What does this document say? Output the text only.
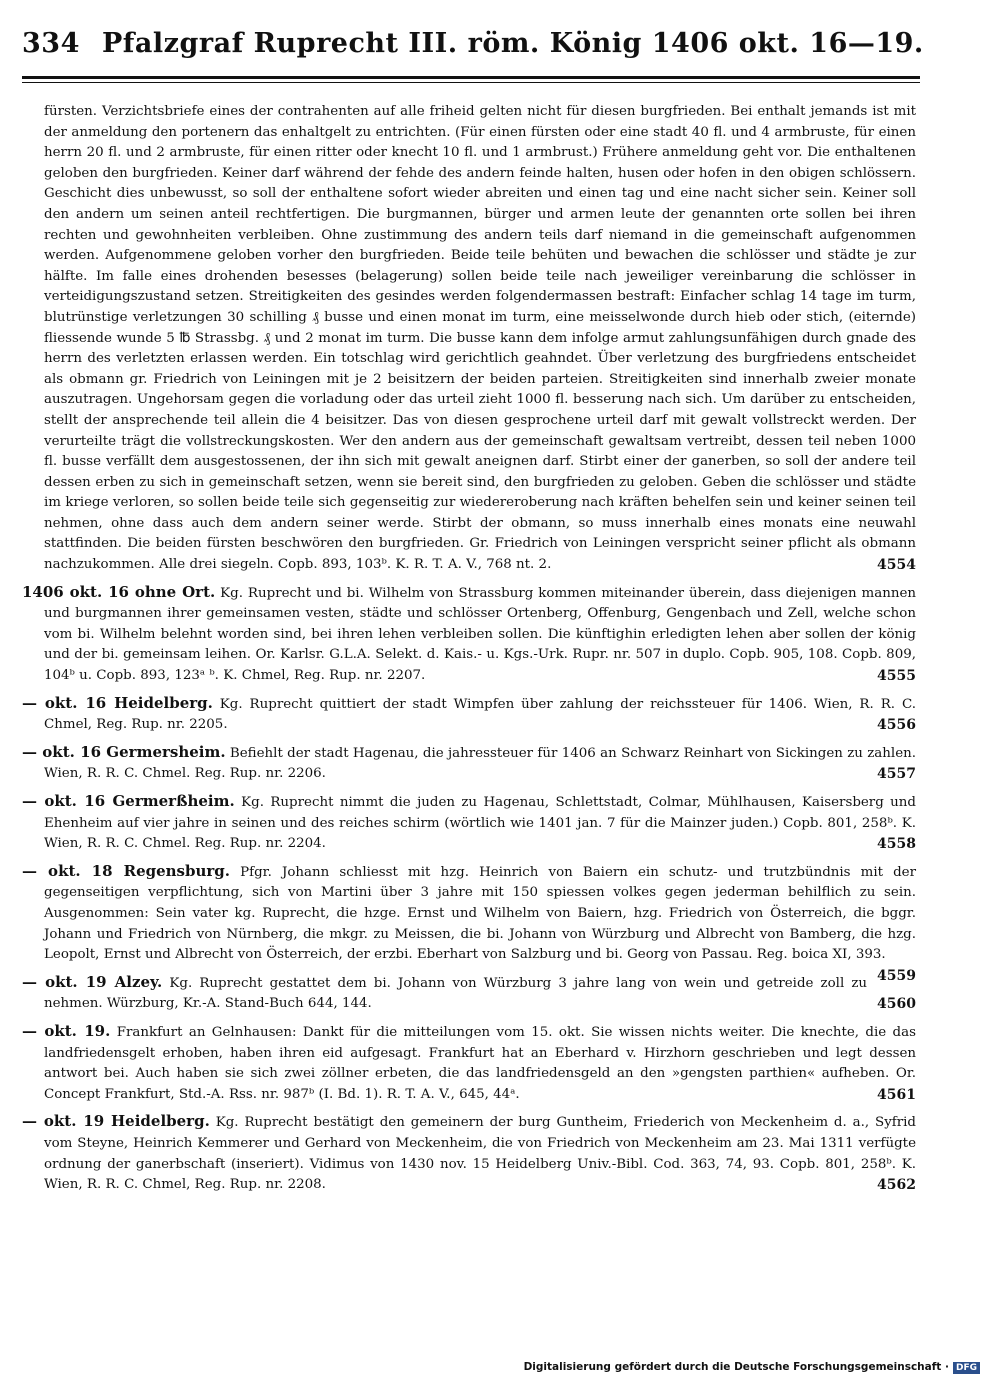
334 Pfalzgraf Ruprecht III. röm. König 1406 okt. 16—19.

fürsten. Verzichtsbriefe eines der contrahenten auf alle friheid gelten nicht für diesen burgfrieden. Bei enthalt jemands ist mit der anmeldung den portenern das enhaltgelt zu entrichten. (Für einen fürsten oder eine stadt 40 fl. und 4 armbruste, für einen herrn 20 fl. und 2 armbruste, für einen ritter oder knecht 10 fl. und 1 armbrust.) Frühere anmeldung geht vor. Die enthaltenen geloben den burgfrieden. Keiner darf während der fehde des andern feinde halten, husen oder hofen in den obigen schlössern. Geschicht dies unbewusst, so soll der enthaltene sofort wieder abreiten und einen tag und eine nacht sicher sein. Keiner soll den andern um seinen anteil rechtfertigen. Die burgmannen, bürger und armen leute der genannten orte sollen bei ihren rechten und gewohnheiten verbleiben. Ohne zustimmung des andern teils darf niemand in die gemeinschaft aufgenommen werden. Aufgenommene geloben vorher den burgfrieden. Beide teile behüten und bewachen die schlösser und städte je zur hälfte. Im falle eines drohenden besesses (belagerung) sollen beide teile nach jeweiliger vereinbarung die schlösser in verteidigungszustand setzen. Streitigkeiten des gesindes werden folgendermassen bestraft: Einfacher schlag 14 tage im turm, blutrünstige verletzungen 30 schilling ₰ busse und einen monat im turm, eine meisselwonde durch hieb oder stich, (eiternde) fliessende wunde 5 ℔ Strassbg. ₰ und 2 monat im turm. Die busse kann dem infolge armut zahlungsunfähigen durch gnade des herrn des verletzten erlassen werden. Ein totschlag wird gerichtlich geahndet. Über verletzung des burgfriedens entscheidet als obmann gr. Friedrich von Leiningen mit je 2 beisitzern der beiden parteien. Streitigkeiten sind innerhalb zweier monate auszutragen. Ungehorsam gegen die vorladung oder das urteil zieht 1000 fl. besserung nach sich. Um darüber zu entscheiden, stellt der ansprechende teil allein die 4 beisitzer. Das von diesen gesprochene urteil darf mit gewalt vollstreckt werden. Der verurteilte trägt die vollstreckungskosten. Wer den andern aus der gemeinschaft gewaltsam vertreibt, dessen teil neben 1000 fl. busse verfällt dem ausgestossenen, der ihn sich mit gewalt aneignen darf. Stirbt einer der ganerben, so soll der andere teil dessen erben zu sich in gemeinschaft setzen, wenn sie bereit sind, den burgfrieden zu geloben. Geben die schlösser und städte im kriege verloren, so sollen beide teile sich gegenseitig zur wiedereroberung nach kräften behelfen sein und keiner seinen teil nehmen, ohne dass auch dem andern seiner werde. Stirbt der obmann, so muss innerhalb eines monats eine neuwahl stattfinden. Die beiden fürsten beschwören den burgfrieden. Gr. Friedrich von Leiningen verspricht seiner pflicht als obmann nachzukommen. Alle drei siegeln. Copb. 893, 103ᵇ. K. R. T. A. V., 768 nt. 2.	4554

1406 okt. 16 ohne Ort. Kg. Ruprecht und bi. Wilhelm von Strassburg kommen miteinander überein, dass diejenigen mannen und burgmannen ihrer gemeinsamen vesten, städte und schlösser Ortenberg, Offenburg, Gengenbach und Zell, welche schon vom bi. Wilhelm belehnt worden sind, bei ihren lehen verbleiben sollen. Die künftighin erledigten lehen aber sollen der könig und der bi. gemeinsam leihen. Or. Karlsr. G.L.A. Selekt. d. Kais.- u. Kgs.-Urk. Rupr. nr. 507 in duplo. Copb. 905, 108. Copb. 809, 104ᵇ u. Copb. 893, 123ᵃ ᵇ. K. Chmel, Reg. Rup. nr. 2207.	4555

— okt. 16 Heidelberg. Kg. Ruprecht quittiert der stadt Wimpfen über zahlung der reichssteuer für 1406. Wien, R. R. C. Chmel, Reg. Rup. nr. 2205.	4556

— okt. 16 Germersheim. Befiehlt der stadt Hagenau, die jahressteuer für 1406 an Schwarz Reinhart von Sickingen zu zahlen. Wien, R. R. C. Chmel. Reg. Rup. nr. 2206.	4557

— okt. 16 Germerßheim. Kg. Ruprecht nimmt die juden zu Hagenau, Schlettstadt, Colmar, Mühlhausen, Kaisersberg und Ehenheim auf vier jahre in seinen und des reiches schirm (wörtlich wie 1401 jan. 7 für die Mainzer juden.) Copb. 801, 258ᵇ. K. Wien, R. R. C. Chmel. Reg. Rup. nr. 2204.	4558

— okt. 18 Regensburg. Pfgr. Johann schliesst mit hzg. Heinrich von Baiern ein schutz- und trutzbündnis mit der gegenseitigen verpflichtung, sich von Martini über 3 jahre mit 150 spiessen volkes gegen jederman behilflich zu sein. Ausgenommen: Sein vater kg. Ruprecht, die hzge. Ernst und Wilhelm von Baiern, hzg. Friedrich von Österreich, die bggr. Johann und Friedrich von Nürnberg, die mkgr. zu Meissen, die bi. Johann von Würzburg und Albrecht von Bamberg, die hzg. Leopolt, Ernst und Albrecht von Österreich, der erzbi. Eberhart von Salzburg und bi. Georg von Passau. Reg. boica XI, 393.
4559

— okt. 19 Alzey. Kg. Ruprecht gestattet dem bi. Johann von Würzburg 3 jahre lang von wein und getreide zoll zu nehmen. Würzburg, Kr.-A. Stand-Buch 644, 144.	4560

— okt. 19. Frankfurt an Gelnhausen: Dankt für die mitteilungen vom 15. okt. Sie wissen nichts weiter. Die knechte, die das landfriedensgelt erhoben, haben ihren eid aufgesagt. Frankfurt hat an Eberhard v. Hirzhorn geschrieben und legt dessen antwort bei. Auch haben sie sich zwei zöllner erbeten, die das landfriedensgeld an den »gengsten parthien« aufheben. Or. Concept Frankfurt, Std.-A. Rss. nr. 987ᵇ (I. Bd. 1). R. T. A. V., 645, 44ᵃ.	4561

— okt. 19 Heidelberg. Kg. Ruprecht bestätigt den gemeinern der burg Guntheim, Friederich von Meckenheim d. a., Syfrid vom Steyne, Heinrich Kemmerer und Gerhard von Meckenheim, die von Friedrich von Meckenheim am 23. Mai 1311 verfügte ordnung der ganerbschaft (inseriert). Vidimus von 1430 nov. 15 Heidelberg Univ.-Bibl. Cod. 363, 74, 93. Copb. 801, 258ᵇ. K. Wien, R. R. C. Chmel, Reg. Rup. nr. 2208.	4562

Digitalisierung gefördert durch die Deutsche Forschungsgemeinschaft · DFG
